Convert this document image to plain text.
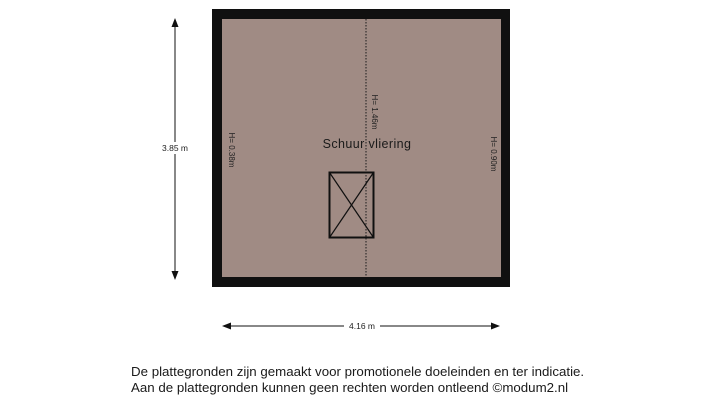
Schuur vliering
H= 0.38m
H= 1.46m
H= 0.90m
3.85 m
4.16 m
De plattegronden zijn gemaakt voor promotionele doeleinden en ter indicatie.
Aan de plattegronden kunnen geen rechten worden ontleend ©modum2.nl
